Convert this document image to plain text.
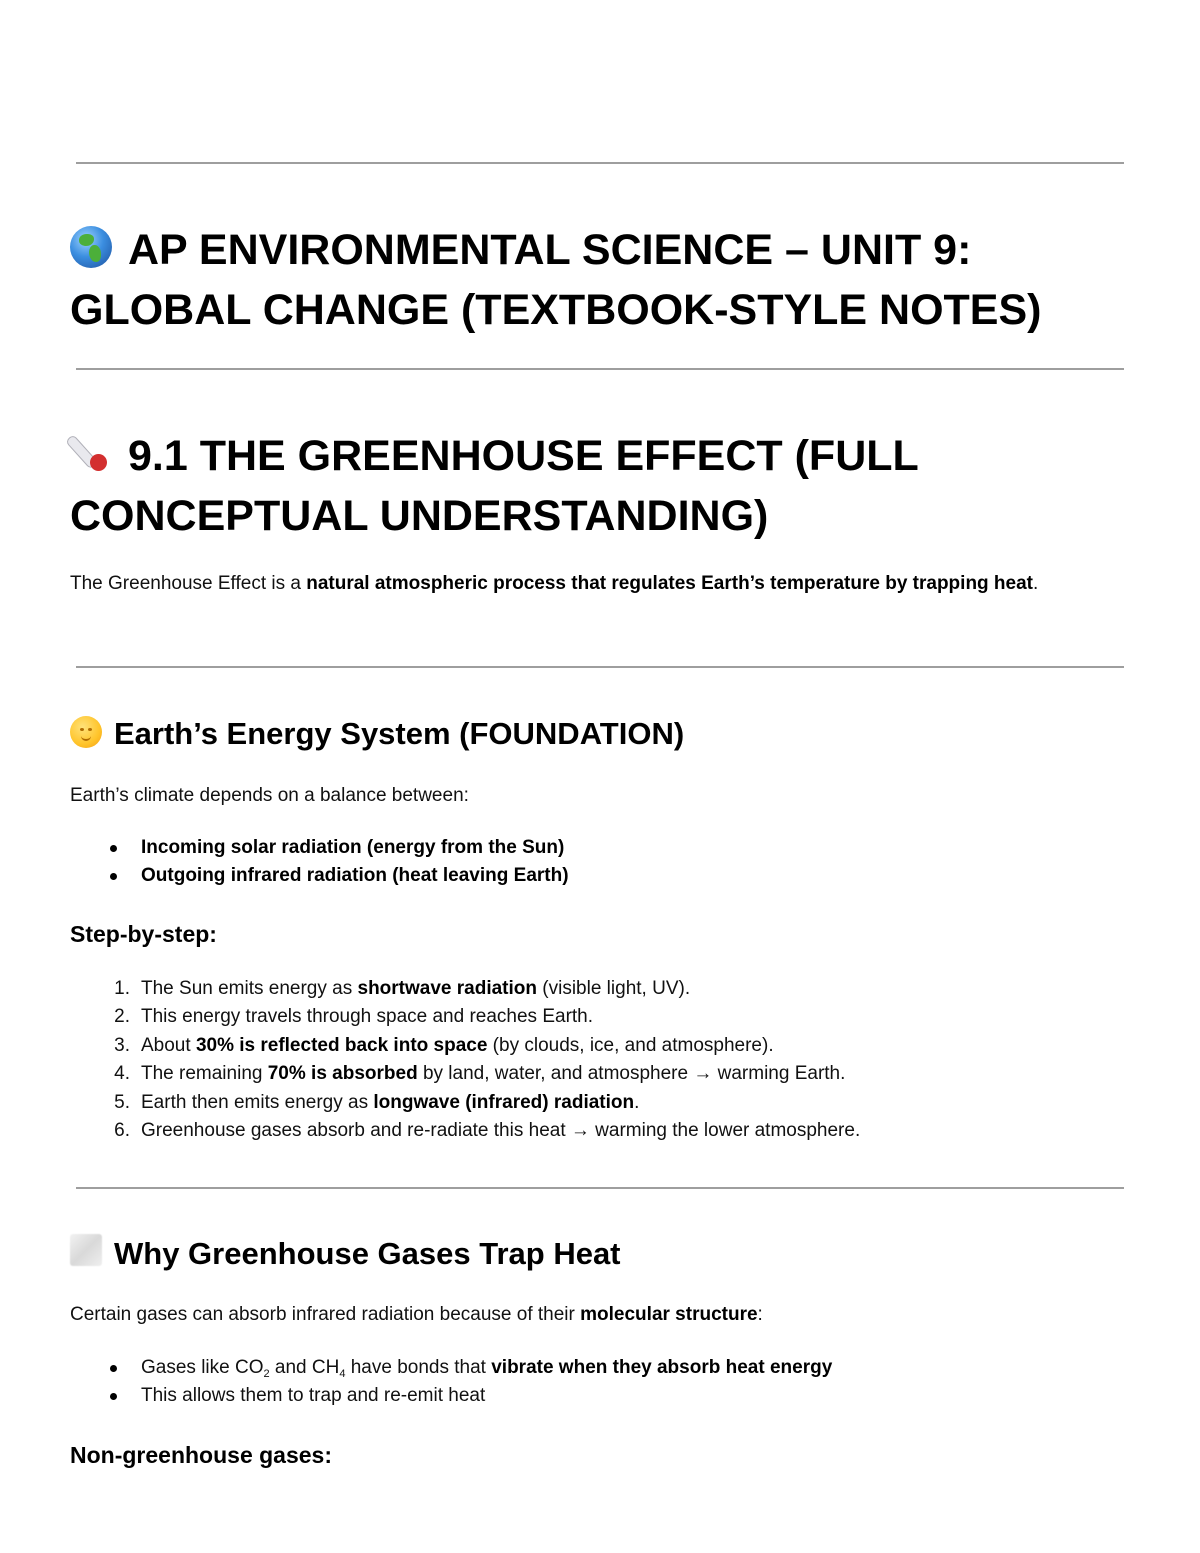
AP ENVIRONMENTAL SCIENCE – UNIT 9: GLOBAL CHANGE (TEXTBOOK-STYLE NOTES)
9.1 THE GREENHOUSE EFFECT (FULL CONCEPTUAL UNDERSTANDING)

The Greenhouse Effect is a natural atmospheric process that regulates Earth’s temperature by trapping heat.

Earth’s Energy System (FOUNDATION)

Earth’s climate depends on a balance between:

Incoming solar radiation (energy from the Sun)
Outgoing infrared radiation (heat leaving Earth)
Step-by-step:
1. The Sun emits energy as shortwave radiation (visible light, UV).
2. This energy travels through space and reaches Earth.
3. About 30% is reflected back into space (by clouds, ice, and atmosphere).
4. The remaining 70% is absorbed by land, water, and atmosphere → warming Earth.
5. Earth then emits energy as longwave (infrared) radiation.
6. Greenhouse gases absorb and re-radiate this heat → warming the lower atmosphere.
Why Greenhouse Gases Trap Heat

Certain gases can absorb infrared radiation because of their molecular structure:

Gases like $CO_2$ and $CH_4$ have bonds that vibrate when they absorb heat energy
This allows them to trap and re-emit heat
Non-greenhouse gases:
